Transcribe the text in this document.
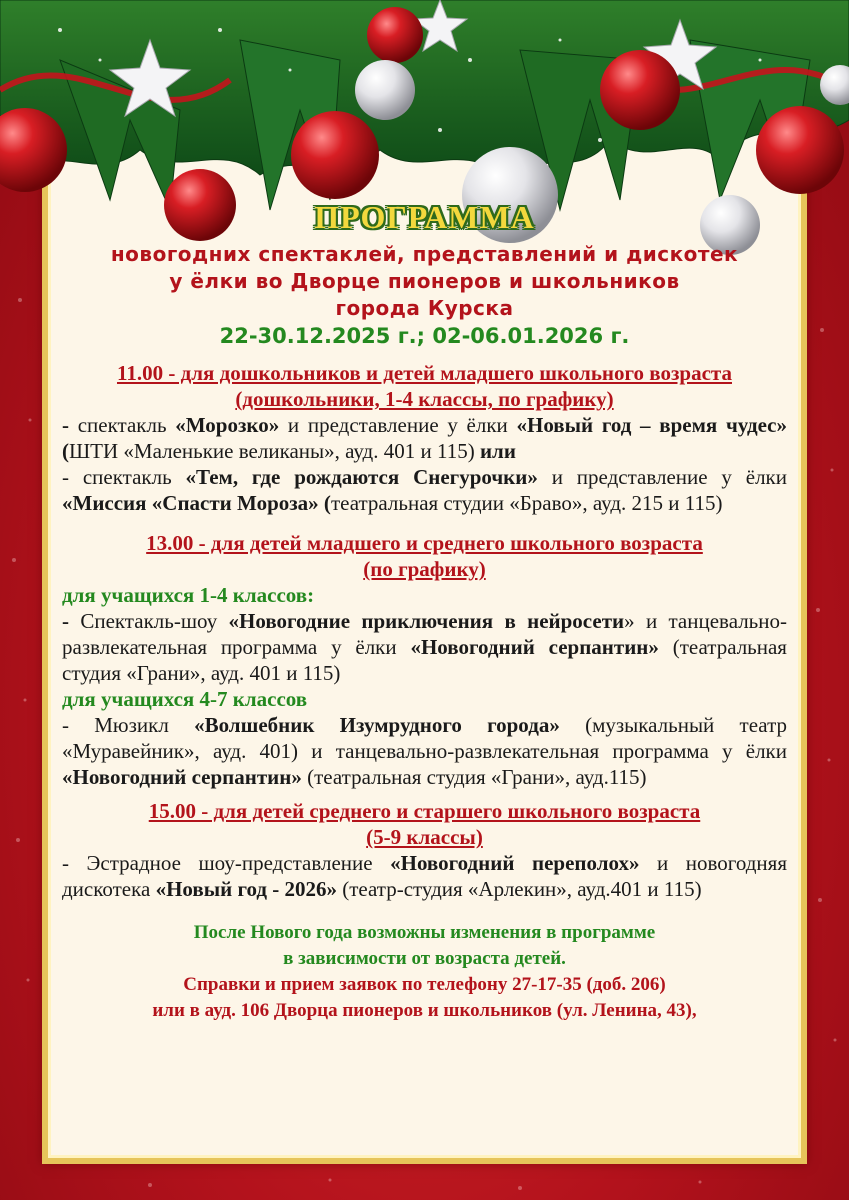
ПРОГРАММА
новогодних спектаклей, представлений и дискотек
у ёлки во Дворце пионеров и школьников
города Курска
22-30.12.2025 г.; 02-06.01.2026 г.
11.00 - для дошкольников и детей младшего школьного возраста
(дошкольники, 1-4 классы, по графику)
- спектакль «Морозко» и представление у ёлки «Новый год – время чудес» (ШТИ «Маленькие великаны», ауд. 401 и 115) или
- спектакль «Тем, где рождаются Снегурочки» и представление у ёлки «Миссия «Спасти Мороза» (театральная студии «Браво», ауд. 215 и 115)
13.00 - для детей младшего и среднего школьного возраста
(по графику)
для учащихся 1-4 классов:
- Спектакль-шоу «Новогодние приключения в нейросети» и танцевально-развлекательная программа у ёлки «Новогодний серпантин» (театральная студия «Грани», ауд. 401 и 115)
для учащихся 4-7 классов
- Мюзикл «Волшебник Изумрудного города» (музыкальный театр «Муравейник», ауд. 401) и танцевально-развлекательная программа у ёлки «Новогодний серпантин» (театральная студия «Грани», ауд.115)
15.00 - для детей среднего и старшего школьного возраста
(5-9 классы)
- Эстрадное шоу-представление «Новогодний переполох» и новогодняя дискотека «Новый год - 2026» (театр-студия «Арлекин», ауд.401 и 115)
После Нового года возможны изменения в программе
в зависимости от возраста детей.
Справки и прием заявок по телефону 27-17-35 (доб. 206)
или в ауд. 106 Дворца пионеров и школьников (ул. Ленина, 43),
